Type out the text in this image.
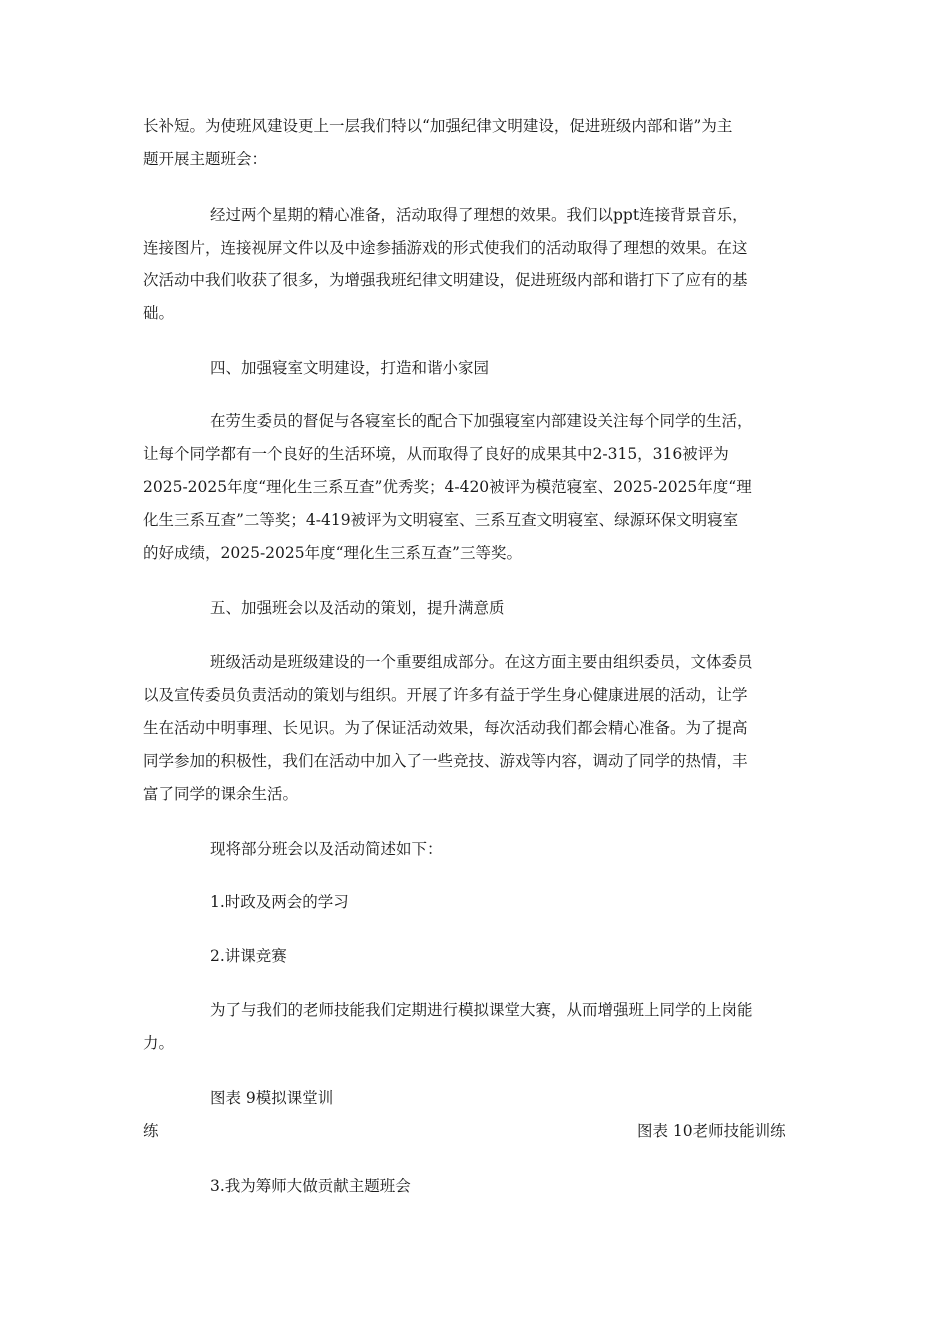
长补短。为使班风建设更上一层我们特以“加强纪律文明建设，促进班级内部和谐”为主
题开展主题班会：
经过两个星期的精心准备，活动取得了理想的效果。我们以ppt连接背景音乐，
连接图片，连接视屏文件以及中途参插游戏的形式使我们的活动取得了理想的效果。在这
次活动中我们收获了很多，为增强我班纪律文明建设，促进班级内部和谐打下了应有的基
础。
四、加强寝室文明建设，打造和谐小家园
在劳生委员的督促与各寝室长的配合下加强寝室内部建设关注每个同学的生活，
让每个同学都有一个良好的生活环境，从而取得了良好的成果其中2-315，316被评为
2025-2025年度“理化生三系互查”优秀奖；4-420被评为模范寝室、2025-2025年度“理
化生三系互查”二等奖；4-419被评为文明寝室、三系互查文明寝室、绿源环保文明寝室
的好成绩，2025-2025年度“理化生三系互查”三等奖。
五、加强班会以及活动的策划，提升满意质
班级活动是班级建设的一个重要组成部分。在这方面主要由组织委员，文体委员
以及宣传委员负责活动的策划与组织。开展了许多有益于学生身心健康进展的活动，让学
生在活动中明事理、长见识。为了保证活动效果，每次活动我们都会精心准备。为了提高
同学参加的积极性，我们在活动中加入了一些竞技、游戏等内容，调动了同学的热情，丰
富了同学的课余生活。
现将部分班会以及活动简述如下：
1.时政及两会的学习
2.讲课竞赛
为了与我们的老师技能我们定期进行模拟课堂大赛，从而增强班上同学的上岗能
力。
图表 9模拟课堂训
练	图表 10老师技能训练
3.我为筹师大做贡献主题班会
